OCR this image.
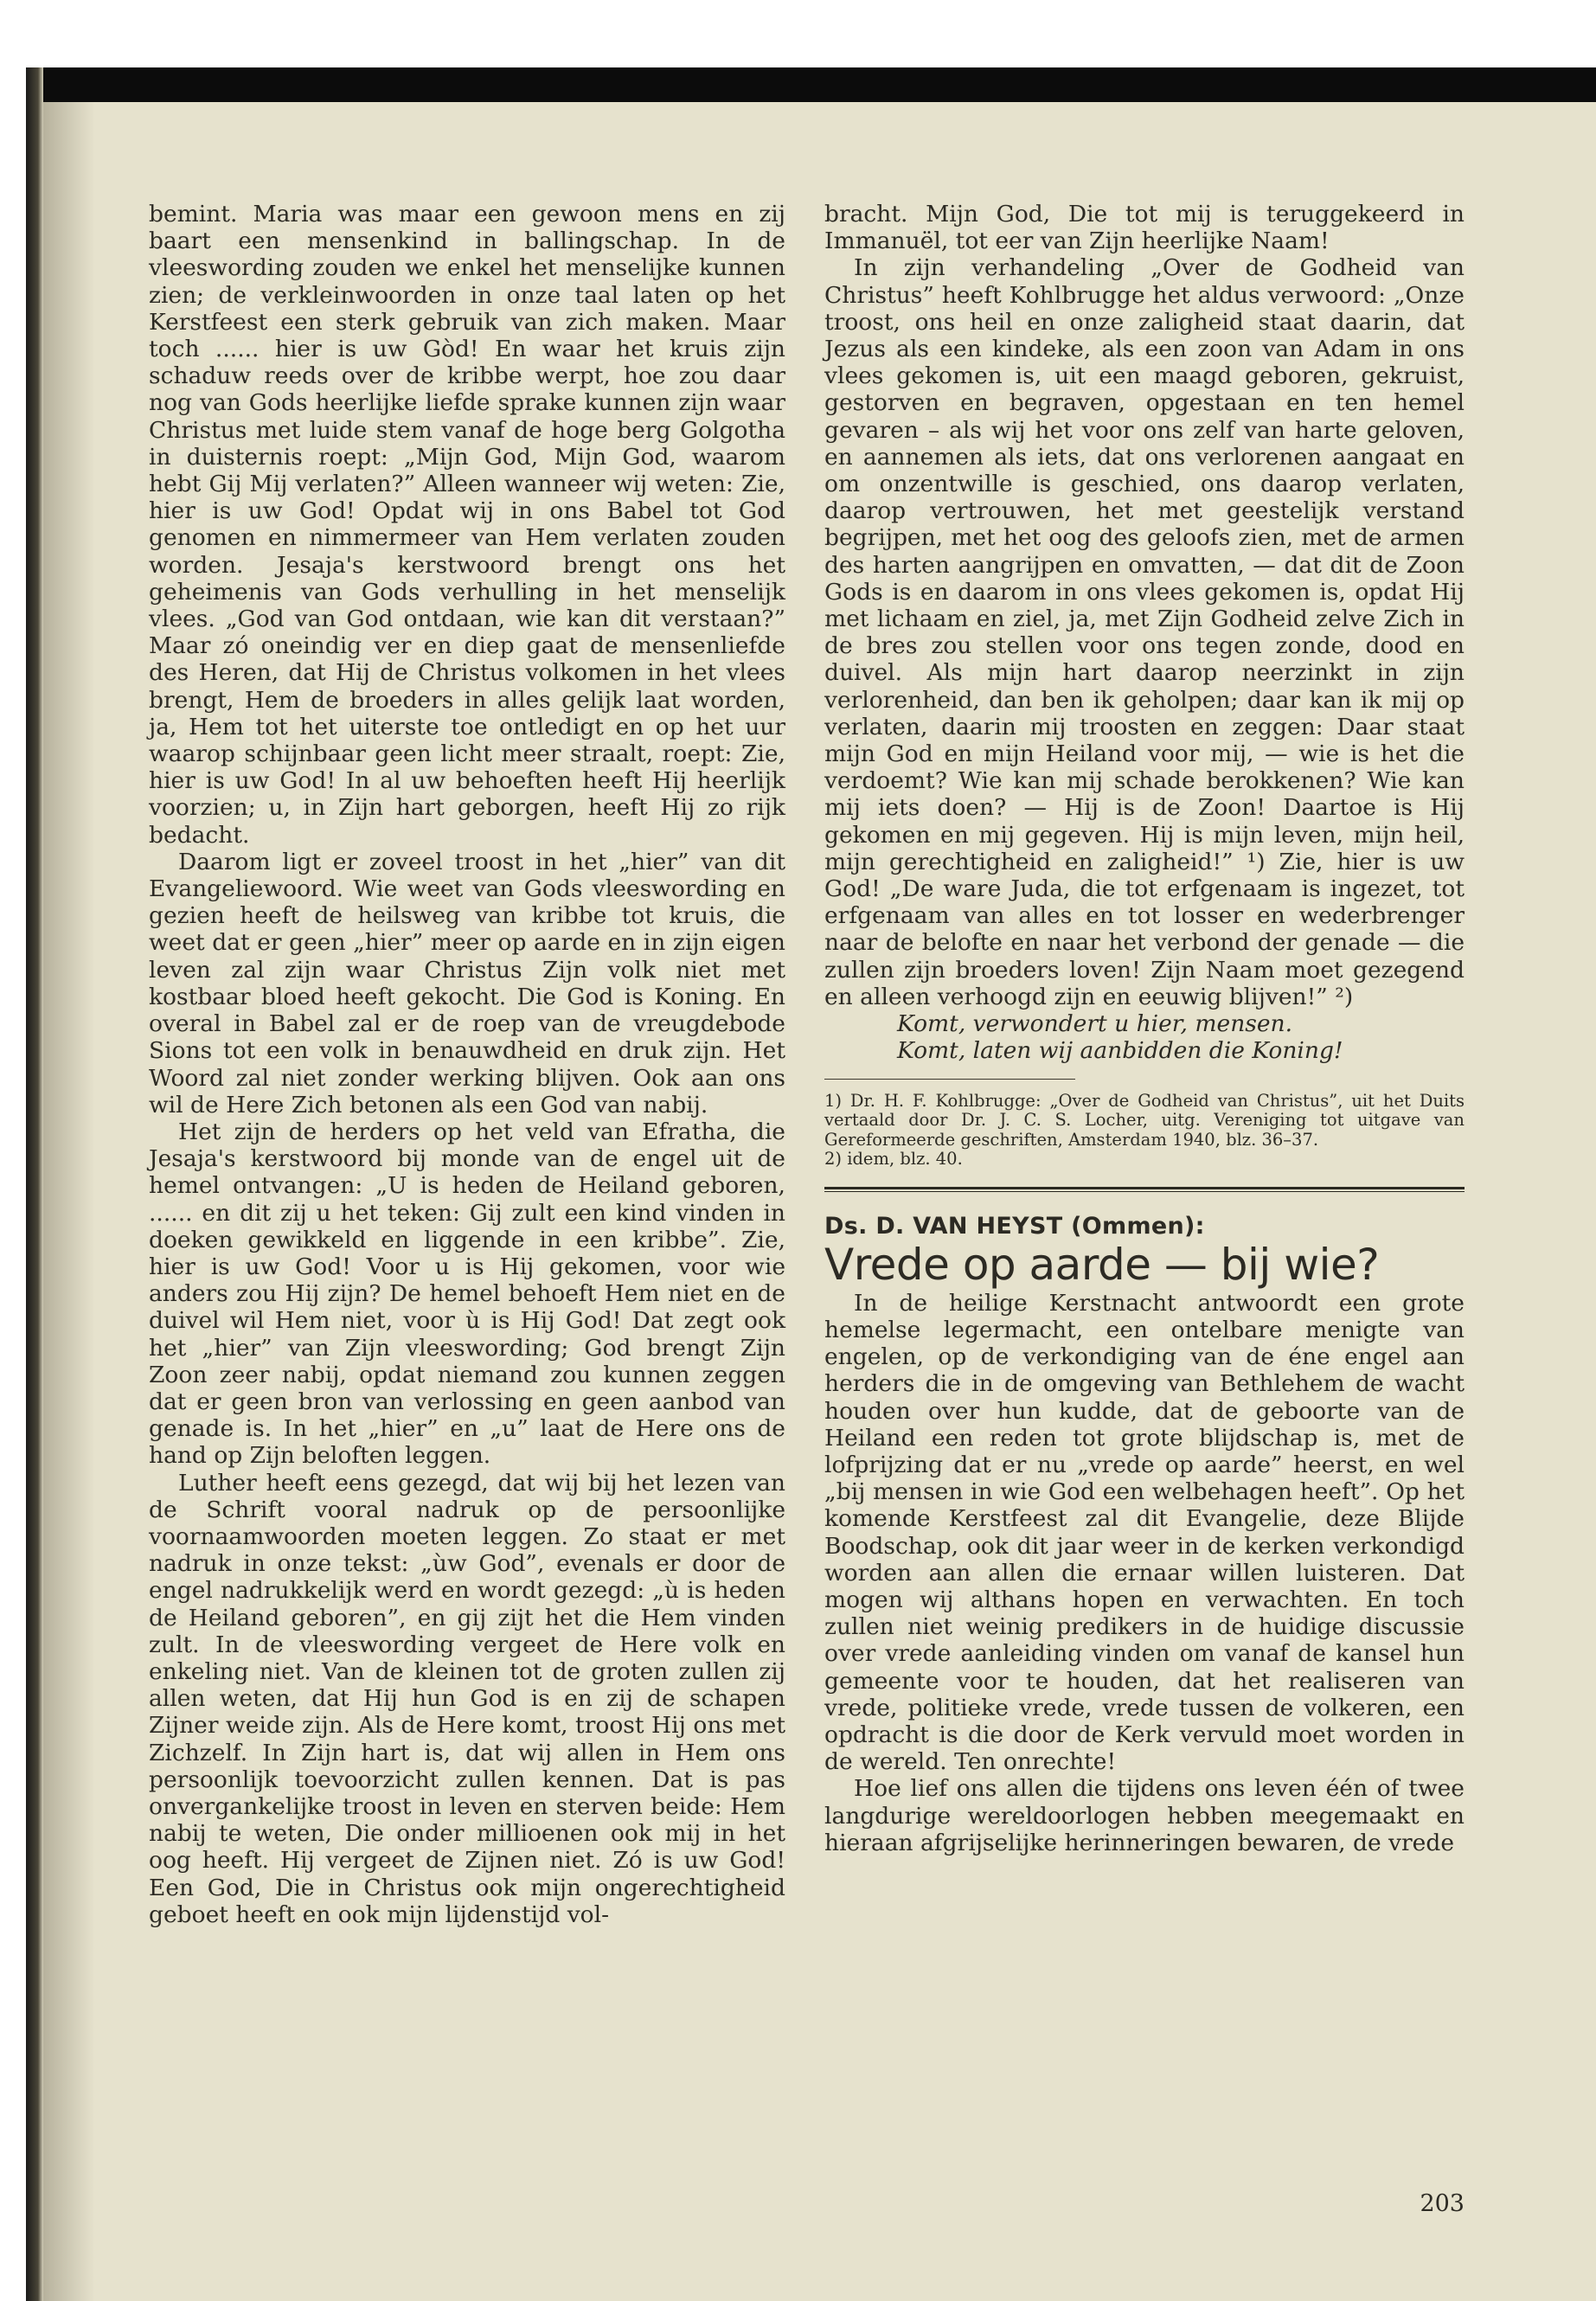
bemint. Maria was maar een gewoon mens en zij baart een mensenkind in ballingschap. In de vleeswording zouden we enkel het menselijke kunnen zien; de verkleinwoorden in onze taal laten op het Kerstfeest een sterk gebruik van zich maken. Maar toch ...... hier is uw Gòd! En waar het kruis zijn schaduw reeds over de kribbe werpt, hoe zou daar nog van Gods heerlijke liefde sprake kunnen zijn waar Christus met luide stem vanaf de hoge berg Golgotha in duisternis roept: „Mijn God, Mijn God, waarom hebt Gij Mij verlaten?” Alleen wanneer wij weten: Zie, hier is uw God! Opdat wij in ons Babel tot God genomen en nimmermeer van Hem verlaten zouden worden. Jesaja's kerstwoord brengt ons het geheimenis van Gods verhulling in het menselijk vlees. „God van God ontdaan, wie kan dit verstaan?” Maar zó oneindig ver en diep gaat de mensenliefde des Heren, dat Hij de Christus volkomen in het vlees brengt, Hem de broeders in alles gelijk laat worden, ja, Hem tot het uiterste toe ontledigt en op het uur waarop schijnbaar geen licht meer straalt, roept: Zie, hier is uw God! In al uw behoeften heeft Hij heerlijk voorzien; u, in Zijn hart geborgen, heeft Hij zo rijk bedacht.

Daarom ligt er zoveel troost in het „hier” van dit Evangeliewoord. Wie weet van Gods vleeswording en gezien heeft de heilsweg van kribbe tot kruis, die weet dat er geen „hier” meer op aarde en in zijn eigen leven zal zijn waar Christus Zijn volk niet met kostbaar bloed heeft gekocht. Die God is Koning. En overal in Babel zal er de roep van de vreugdebode Sions tot een volk in benauwdheid en druk zijn. Het Woord zal niet zonder werking blijven. Ook aan ons wil de Here Zich betonen als een God van nabij.

Het zijn de herders op het veld van Efratha, die Jesaja's kerstwoord bij monde van de engel uit de hemel ontvangen: „U is heden de Heiland geboren, ...... en dit zij u het teken: Gij zult een kind vinden in doeken gewikkeld en liggende in een kribbe”. Zie, hier is uw God! Voor u is Hij gekomen, voor wie anders zou Hij zijn? De hemel behoeft Hem niet en de duivel wil Hem niet, voor ù is Hij God! Dat zegt ook het „hier” van Zijn vleeswording; God brengt Zijn Zoon zeer nabij, opdat niemand zou kunnen zeggen dat er geen bron van verlossing en geen aanbod van genade is. In het „hier” en „u” laat de Here ons de hand op Zijn beloften leggen.

Luther heeft eens gezegd, dat wij bij het lezen van de Schrift vooral nadruk op de persoonlijke voornaamwoorden moeten leggen. Zo staat er met nadruk in onze tekst: „ùw God”, evenals er door de engel nadrukkelijk werd en wordt gezegd: „ù is heden de Heiland geboren”, en gij zijt het die Hem vinden zult. In de vleeswording vergeet de Here volk en enkeling niet. Van de kleinen tot de groten zullen zij allen weten, dat Hij hun God is en zij de schapen Zijner weide zijn. Als de Here komt, troost Hij ons met Zichzelf. In Zijn hart is, dat wij allen in Hem ons persoonlijk toevoorzicht zullen kennen. Dat is pas onvergankelijke troost in leven en sterven beide: Hem nabij te weten, Die onder millioenen ook mij in het oog heeft. Hij vergeet de Zijnen niet. Zó is uw God! Een God, Die in Christus ook mijn ongerechtigheid geboet heeft en ook mijn lijdenstijd vol-

bracht. Mijn God, Die tot mij is teruggekeerd in Immanuël, tot eer van Zijn heerlijke Naam!

In zijn verhandeling „Over de Godheid van Christus” heeft Kohlbrugge het aldus verwoord: „Onze troost, ons heil en onze zaligheid staat daarin, dat Jezus als een kindeke, als een zoon van Adam in ons vlees gekomen is, uit een maagd geboren, gekruist, gestorven en begraven, opgestaan en ten hemel gevaren – als wij het voor ons zelf van harte geloven, en aannemen als iets, dat ons verlorenen aangaat en om onzentwille is geschied, ons daarop verlaten, daarop vertrouwen, het met geestelijk verstand begrijpen, met het oog des geloofs zien, met de armen des harten aangrijpen en omvatten, — dat dit de Zoon Gods is en daarom in ons vlees gekomen is, opdat Hij met lichaam en ziel, ja, met Zijn Godheid zelve Zich in de bres zou stellen voor ons tegen zonde, dood en duivel. Als mijn hart daarop neerzinkt in zijn verlorenheid, dan ben ik geholpen; daar kan ik mij op verlaten, daarin mij troosten en zeggen: Daar staat mijn God en mijn Heiland voor mij, — wie is het die verdoemt? Wie kan mij schade berokkenen? Wie kan mij iets doen? — Hij is de Zoon! Daartoe is Hij gekomen en mij gegeven. Hij is mijn leven, mijn heil, mijn gerechtigheid en zaligheid!” ¹) Zie, hier is uw God! „De ware Juda, die tot erfgenaam is ingezet, tot erfgenaam van alles en tot losser en wederbrenger naar de belofte en naar het verbond der genade — die zullen zijn broeders loven! Zijn Naam moet gezegend en alleen verhoogd zijn en eeuwig blijven!” ²)

Komt, verwondert u hier, mensen.

Komt, laten wij aanbidden die Koning!

1) Dr. H. F. Kohlbrugge: „Over de Godheid van Christus”, uit het Duits vertaald door Dr. J. C. S. Locher, uitg. Vereniging tot uitgave van Gereformeerde geschriften, Amsterdam 1940, blz. 36–37.

2) idem, blz. 40.

Ds. D. VAN HEYST (Ommen):

Vrede op aarde — bij wie?

In de heilige Kerstnacht antwoordt een grote hemelse legermacht, een ontelbare menigte van engelen, op de verkondiging van de éne engel aan herders die in de omgeving van Bethlehem de wacht houden over hun kudde, dat de geboorte van de Heiland een reden tot grote blijdschap is, met de lofprijzing dat er nu „vrede op aarde” heerst, en wel „bij mensen in wie God een welbehagen heeft”. Op het komende Kerstfeest zal dit Evangelie, deze Blijde Boodschap, ook dit jaar weer in de kerken verkondigd worden aan allen die ernaar willen luisteren. Dat mogen wij althans hopen en verwachten. En toch zullen niet weinig predikers in de huidige discussie over vrede aanleiding vinden om vanaf de kansel hun gemeente voor te houden, dat het realiseren van vrede, politieke vrede, vrede tussen de volkeren, een opdracht is die door de Kerk vervuld moet worden in de wereld. Ten onrechte!

Hoe lief ons allen die tijdens ons leven één of twee langdurige wereldoorlogen hebben meegemaakt en hieraan afgrijselijke herinneringen bewaren, de vrede

203
